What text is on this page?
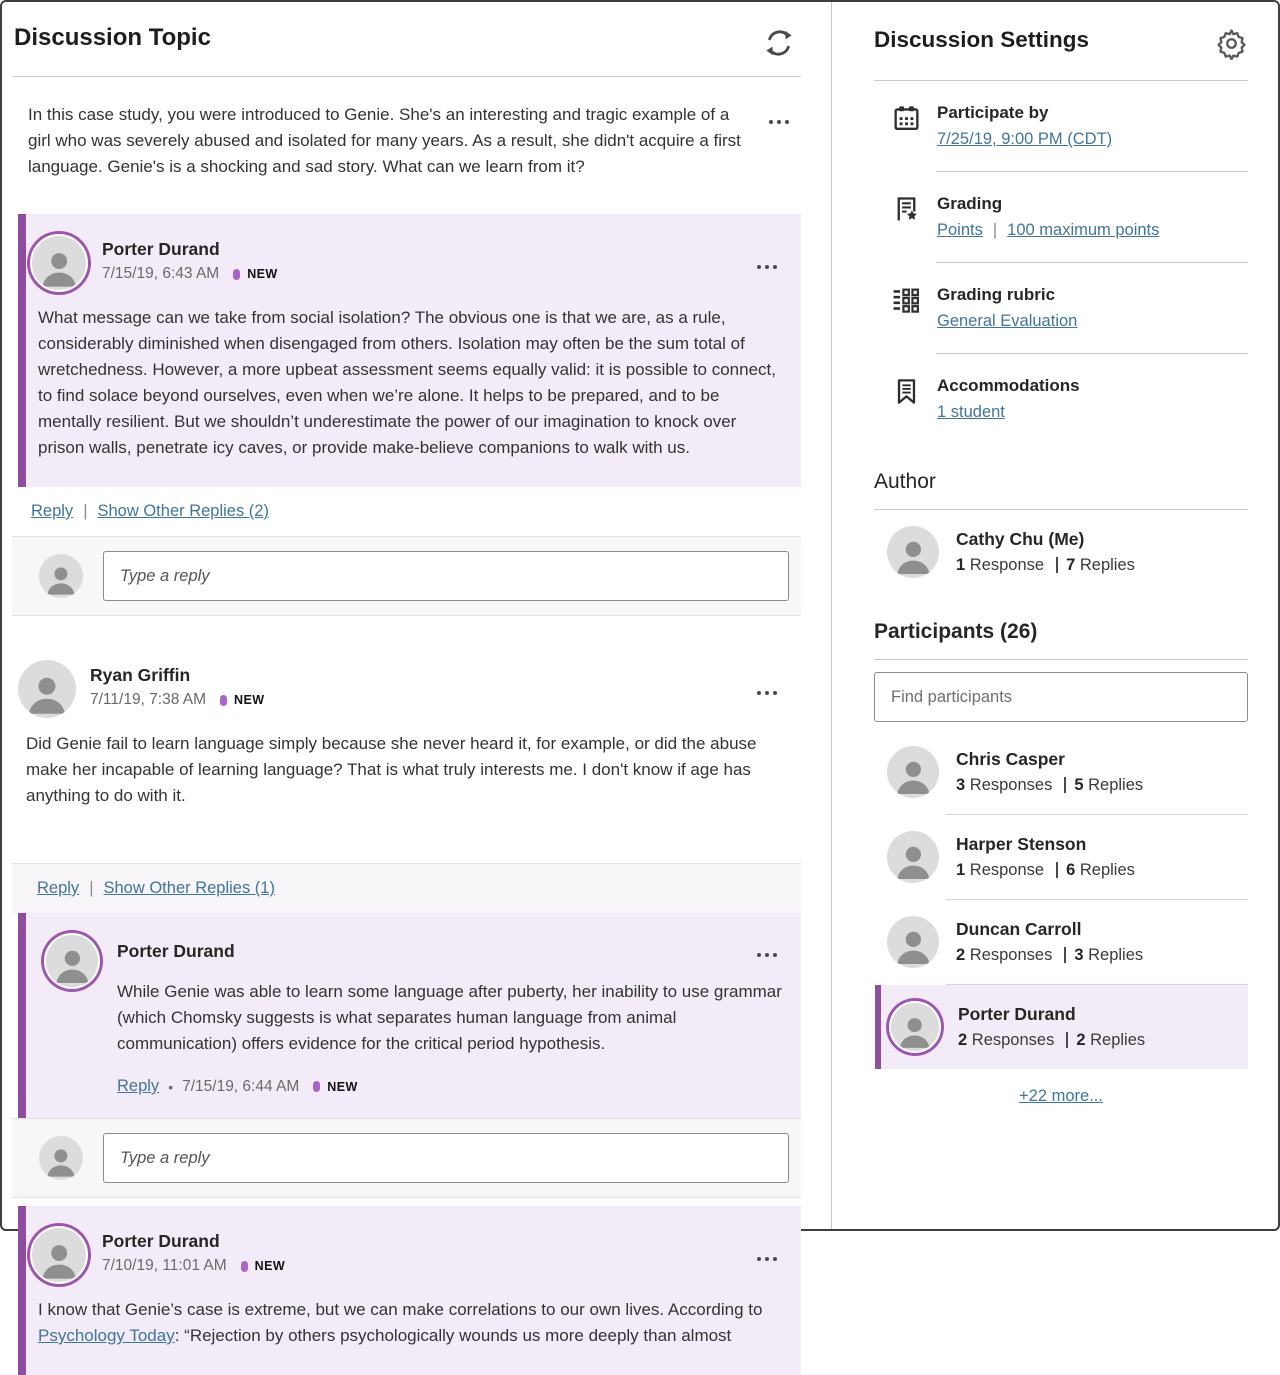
Discussion Topic

In this case study, you were introduced to Genie. She's an interesting and tragic example of a girl who was severely abused and isolated for many years. As a result, she didn't acquire a first language. Genie's is a shocking and sad story. What can we learn from it?

Porter Durand
7/15/19, 6:43 AM NEW

What message can we take from social isolation? The obvious one is that we are, as a rule, considerably diminished when disengaged from others. Isolation may often be the sum total of wretchedness. However, a more upbeat assessment seems equally valid: it is possible to connect, to find solace beyond ourselves, even when we’re alone. It helps to be prepared, and to be mentally resilient. But we shouldn’t underestimate the power of our imagination to knock over prison walls, penetrate icy caves, or provide make-believe companions to walk with us.

Reply | Show Other Replies (2)
Type a reply
Ryan Griffin
7/11/19, 7:38 AM NEW

Did Genie fail to learn language simply because she never heard it, for example, or did the abuse make her incapable of learning language? That is what truly interests me. I don't know if age has anything to do with it.

Reply | Show Other Replies (1)
Porter Durand

While Genie was able to learn some language after puberty, her inability to use grammar (which Chomsky suggests is what separates human language from animal communication) offers evidence for the critical period hypothesis.

Reply • 7/15/19, 6:44 AM NEW
Type a reply
Porter Durand
7/10/19, 11:01 AM NEW

I know that Genie’s case is extreme, but we can make correlations to our own lives. According to Psychology Today: “Rejection by others psychologically wounds us more deeply than almost

Discussion Settings
Participate by
7/25/19, 9:00 PM (CDT)
Grading
Points | 100 maximum points
Grading rubric
General Evaluation
Accommodations
1 student
Author
Cathy Chu (Me)
1 Response 7 Replies
Participants (26)
Find participants
Chris Casper
3 Responses 5 Replies
Harper Stenson
1 Response 6 Replies
Duncan Carroll
2 Responses 3 Replies
Porter Durand
2 Responses 2 Replies
+22 more...
